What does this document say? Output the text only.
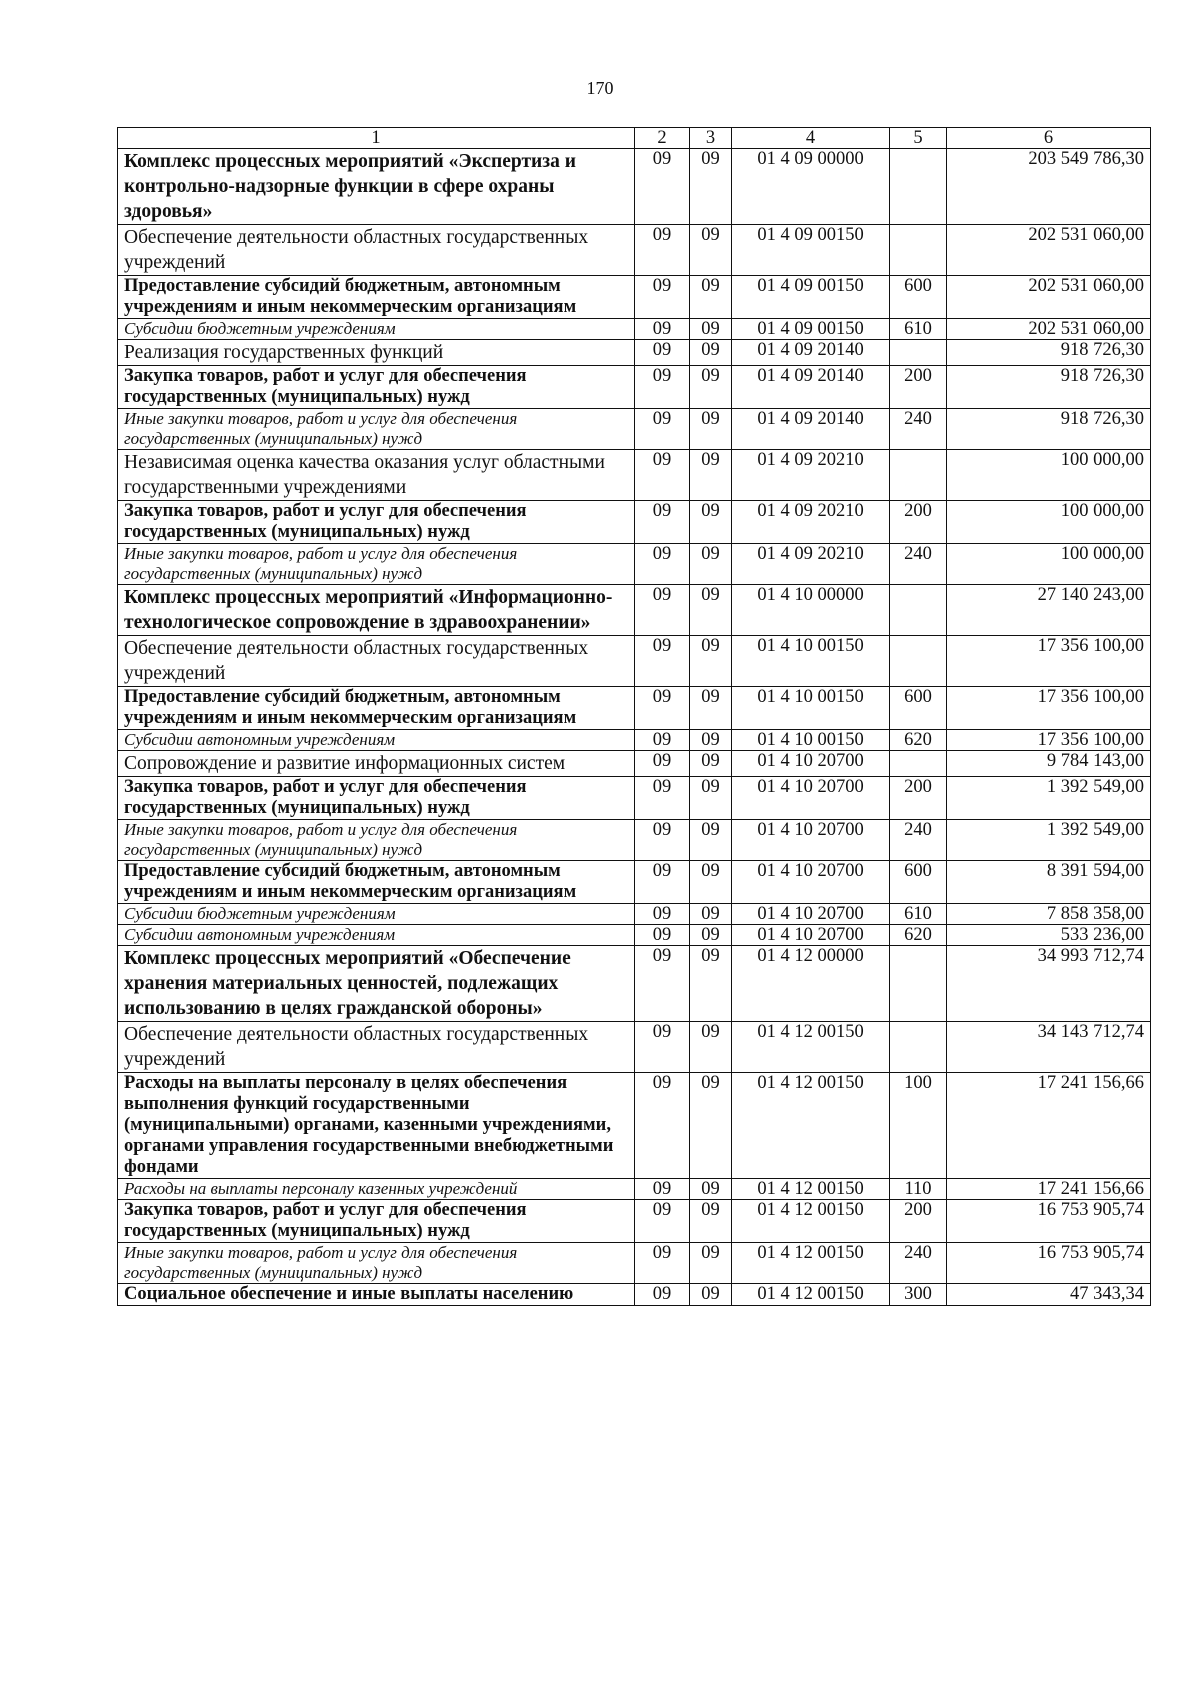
170
1	2	3	4	5	6
Комплекс процессных мероприятий «Экспертиза и контрольно-надзорные функции в сфере охраны здоровья»	09	09	01 4 09 00000		203 549 786,30
Обеспечение деятельности областных государственных учреждений	09	09	01 4 09 00150		202 531 060,00
Предоставление субсидий бюджетным, автономным учреждениям и иным некоммерческим организациям	09	09	01 4 09 00150	600	202 531 060,00
Субсидии бюджетным учреждениям	09	09	01 4 09 00150	610	202 531 060,00
Реализация государственных функций	09	09	01 4 09 20140		918 726,30
Закупка товаров, работ и услуг для обеспечения государственных (муниципальных) нужд	09	09	01 4 09 20140	200	918 726,30
Иные закупки товаров, работ и услуг для обеспечения государственных (муниципальных) нужд	09	09	01 4 09 20140	240	918 726,30
Независимая оценка качества оказания услуг областными государственными учреждениями	09	09	01 4 09 20210		100 000,00
Закупка товаров, работ и услуг для обеспечения государственных (муниципальных) нужд	09	09	01 4 09 20210	200	100 000,00
Иные закупки товаров, работ и услуг для обеспечения государственных (муниципальных) нужд	09	09	01 4 09 20210	240	100 000,00
Комплекс процессных мероприятий «Информационно-технологическое сопровождение в здравоохранении»	09	09	01 4 10 00000		27 140 243,00
Обеспечение деятельности областных государственных учреждений	09	09	01 4 10 00150		17 356 100,00
Предоставление субсидий бюджетным, автономным учреждениям и иным некоммерческим организациям	09	09	01 4 10 00150	600	17 356 100,00
Субсидии автономным учреждениям	09	09	01 4 10 00150	620	17 356 100,00
Сопровождение и развитие информационных систем	09	09	01 4 10 20700		9 784 143,00
Закупка товаров, работ и услуг для обеспечения государственных (муниципальных) нужд	09	09	01 4 10 20700	200	1 392 549,00
Иные закупки товаров, работ и услуг для обеспечения государственных (муниципальных) нужд	09	09	01 4 10 20700	240	1 392 549,00
Предоставление субсидий бюджетным, автономным учреждениям и иным некоммерческим организациям	09	09	01 4 10 20700	600	8 391 594,00
Субсидии бюджетным учреждениям	09	09	01 4 10 20700	610	7 858 358,00
Субсидии автономным учреждениям	09	09	01 4 10 20700	620	533 236,00
Комплекс процессных мероприятий «Обеспечение хранения материальных ценностей, подлежащих использованию в целях гражданской обороны»	09	09	01 4 12 00000		34 993 712,74
Обеспечение деятельности областных государственных учреждений	09	09	01 4 12 00150		34 143 712,74
Расходы на выплаты персоналу в целях обеспечения выполнения функций государственными (муниципальными) органами, казенными учреждениями, органами управления государственными внебюджетными фондами	09	09	01 4 12 00150	100	17 241 156,66
Расходы на выплаты персоналу казенных учреждений	09	09	01 4 12 00150	110	17 241 156,66
Закупка товаров, работ и услуг для обеспечения государственных (муниципальных) нужд	09	09	01 4 12 00150	200	16 753 905,74
Иные закупки товаров, работ и услуг для обеспечения государственных (муниципальных) нужд	09	09	01 4 12 00150	240	16 753 905,74
Социальное обеспечение и иные выплаты населению	09	09	01 4 12 00150	300	47 343,34
